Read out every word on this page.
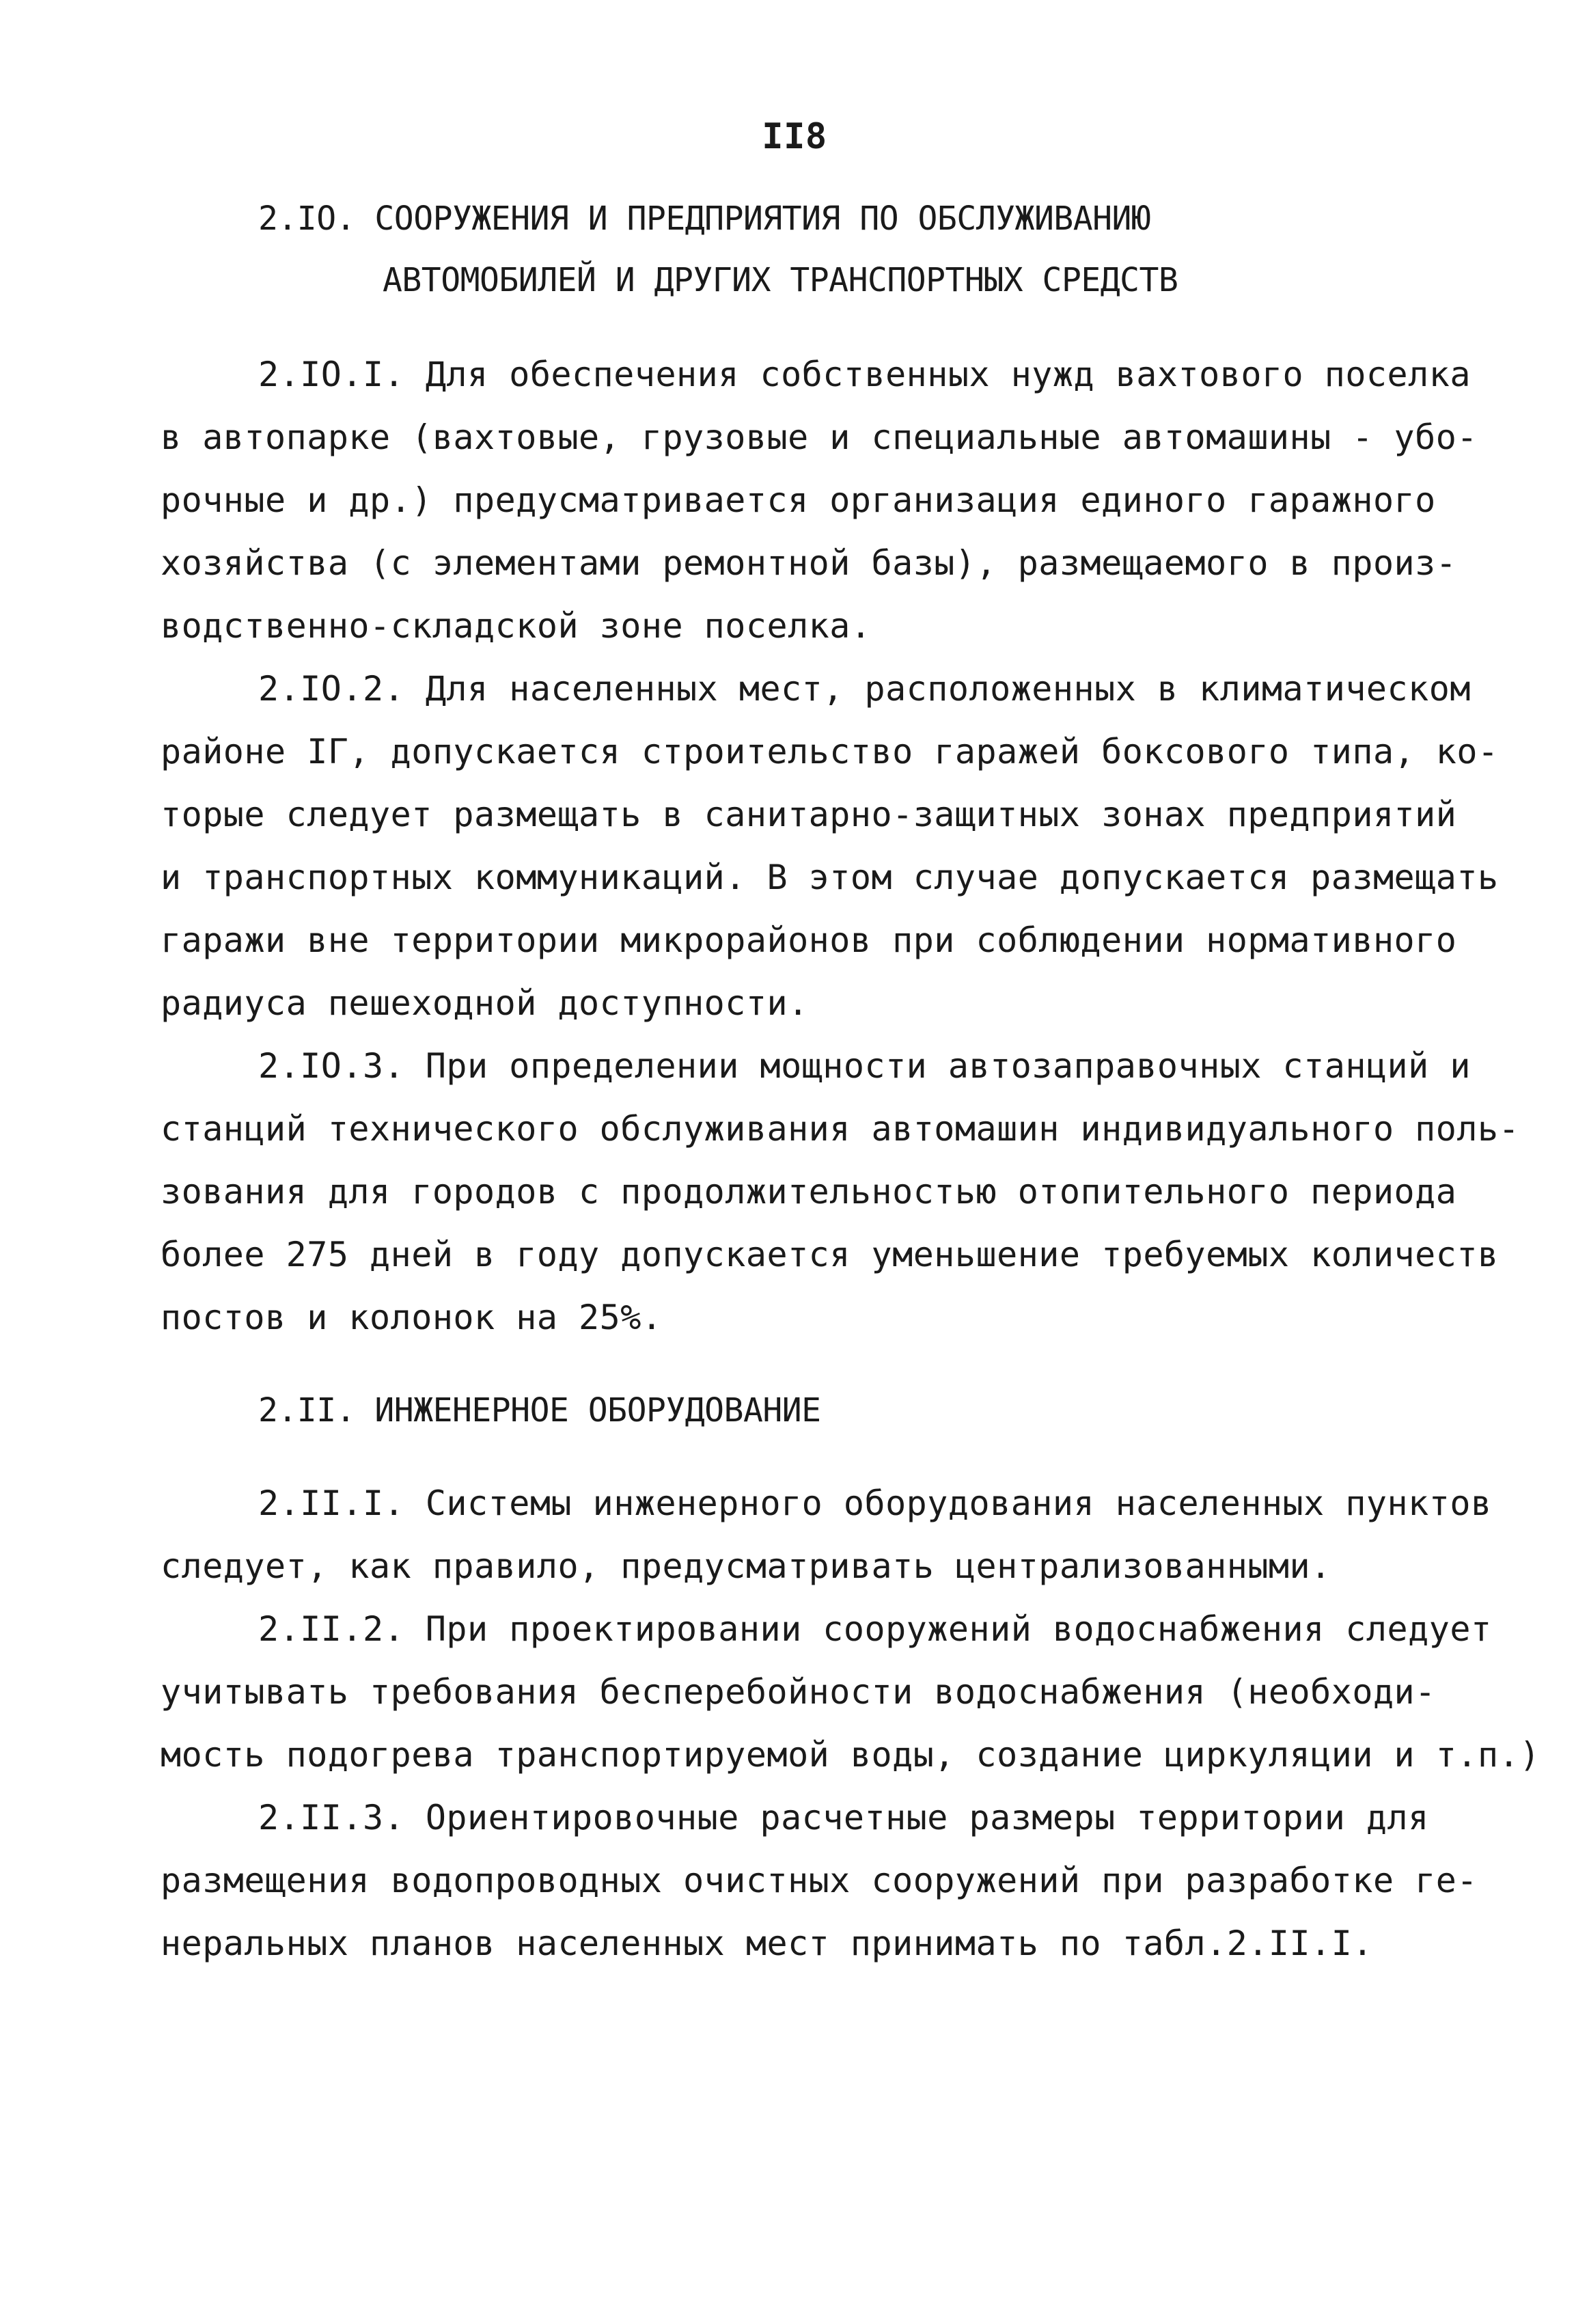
II8
2.IO. СООРУЖЕНИЯ И ПРЕДПРИЯТИЯ ПО ОБСЛУЖИВАНИЮ
АВТОМОБИЛЕЙ И ДРУГИХ ТРАНСПОРТНЫХ СРЕДСТВ
2.IO.I. Для обеспечения собственных нужд вахтового поселка
в автопарке (вахтовые, грузовые и специальные автомашины - убо-
рочные и др.) предусматривается организация единого гаражного
хозяйства (с элементами ремонтной базы), размещаемого в произ-
водственно-складской зоне поселка.
2.IO.2. Для населенных мест, расположенных в климатическом
районе IГ, допускается строительство гаражей боксового типа, ко-
торые следует размещать в санитарно-защитных зонах предприятий
и транспортных коммуникаций. В этом случае допускается размещать
гаражи вне территории микрорайонов при соблюдении нормативного
радиуса пешеходной доступности.
2.IO.3. При определении мощности автозаправочных станций и
станций технического обслуживания автомашин индивидуального поль-
зования для городов с продолжительностью отопительного периода
более 275 дней в году допускается уменьшение требуемых количеств
постов и колонок на 25%.
2.II. ИНЖЕНЕРНОЕ ОБОРУДОВАНИЕ
2.II.I. Системы инженерного оборудования населенных пунктов
следует, как правило, предусматривать централизованными.
2.II.2. При проектировании сооружений водоснабжения следует
учитывать требования бесперебойности водоснабжения (необходи-
мость подогрева транспортируемой воды, создание циркуляции и т.п.)
2.II.3. Ориентировочные расчетные размеры территории для
размещения водопроводных очистных сооружений при разработке ге-
неральных планов населенных мест принимать по табл.2.II.I.
